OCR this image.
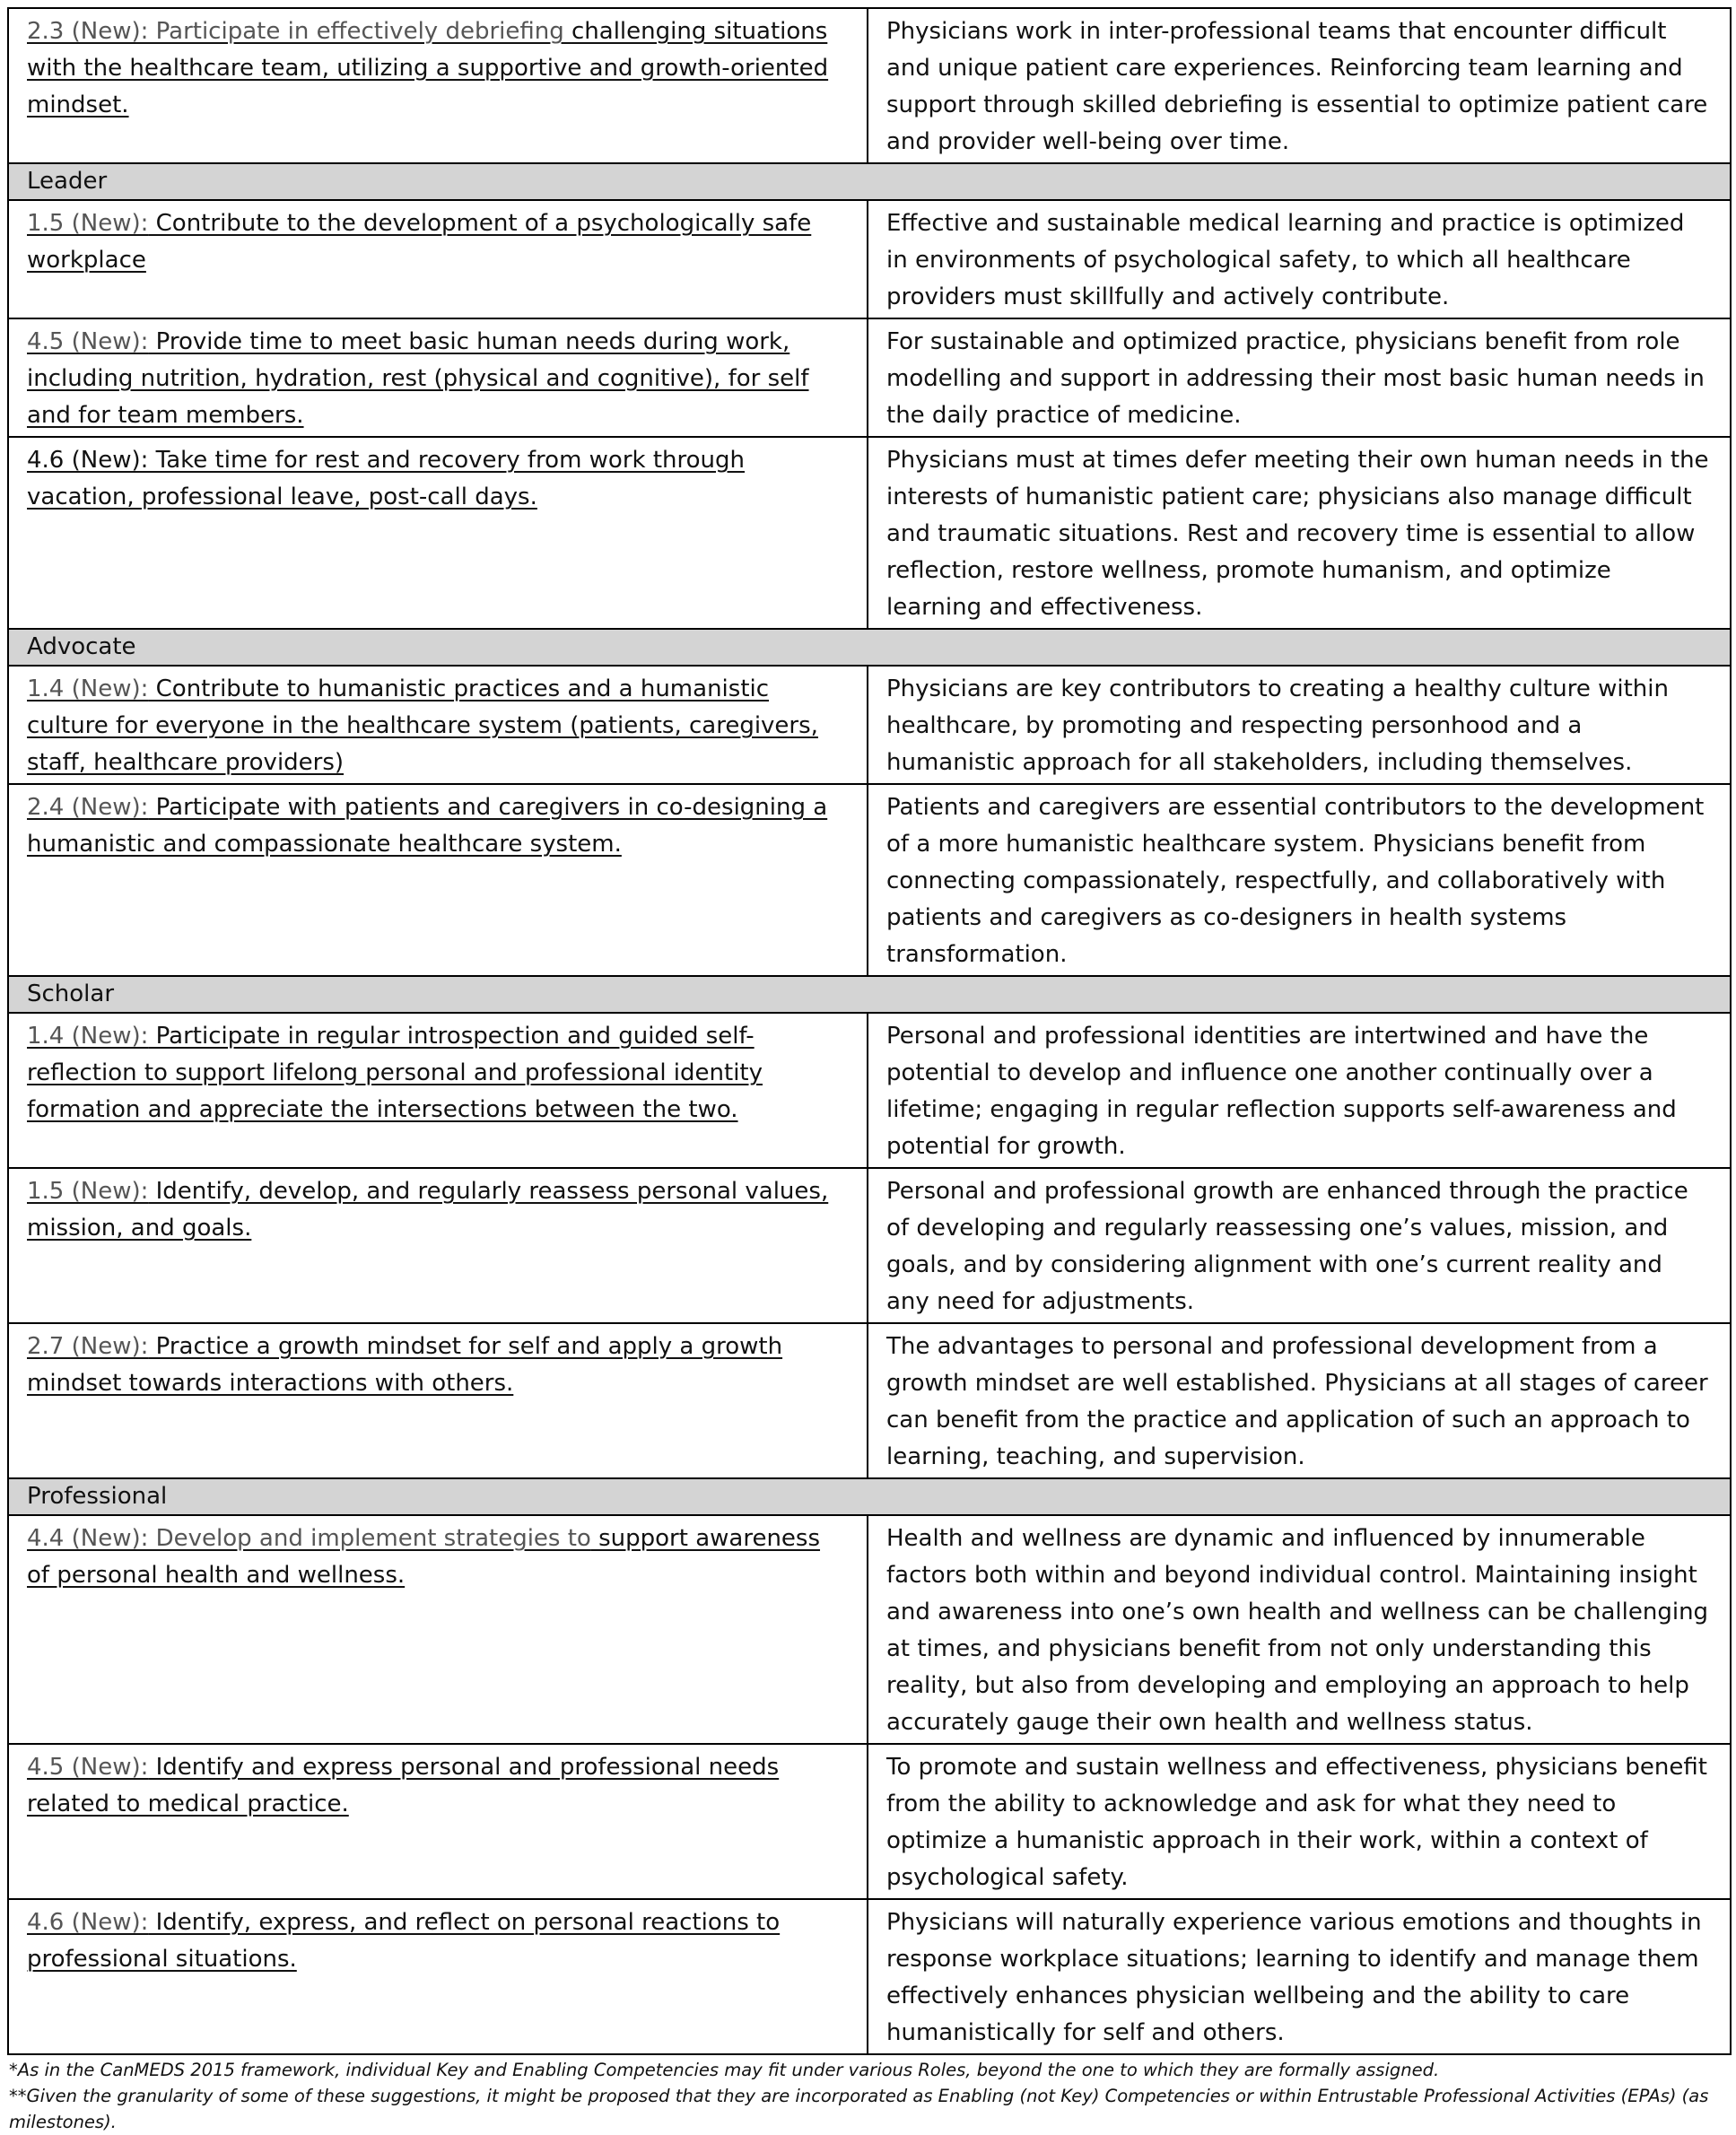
2.3 (New): Participate in effectively debriefing challenging situations with the healthcare team, utilizing a supportive and growth-oriented mindset.	Physicians work in inter-professional teams that encounter difficult and unique patient care experiences. Reinforcing team learning and support through skilled debriefing is essential to optimize patient care and provider well-being over time.
Leader	
1.5 (New): Contribute to the development of a psychologically safe workplace	Effective and sustainable medical learning and practice is optimized in environments of psychological safety, to which all healthcare providers must skillfully and actively contribute.
4.5 (New): Provide time to meet basic human needs during work, including nutrition, hydration, rest (physical and cognitive), for self and for team members.	For sustainable and optimized practice, physicians benefit from role modelling and support in addressing their most basic human needs in the daily practice of medicine.
4.6 (New): Take time for rest and recovery from work through vacation, professional leave, post-call days.	Physicians must at times defer meeting their own human needs in the interests of humanistic patient care; physicians also manage difficult and traumatic situations. Rest and recovery time is essential to allow reflection, restore wellness, promote humanism, and optimize learning and effectiveness.
Advocate	
1.4 (New): Contribute to humanistic practices and a humanistic culture for everyone in the healthcare system (patients, caregivers, staff, healthcare providers)	Physicians are key contributors to creating a healthy culture within healthcare, by promoting and respecting personhood and a humanistic approach for all stakeholders, including themselves.
2.4 (New): Participate with patients and caregivers in co-designing a humanistic and compassionate healthcare system.	Patients and caregivers are essential contributors to the development of a more humanistic healthcare system. Physicians benefit from connecting compassionately, respectfully, and collaboratively with patients and caregivers as co-designers in health systems transformation.
Scholar	
1.4 (New): Participate in regular introspection and guided self-reflection to support lifelong personal and professional identity formation and appreciate the intersections between the two.	Personal and professional identities are intertwined and have the potential to develop and influence one another continually over a lifetime; engaging in regular reflection supports self-awareness and potential for growth.
1.5 (New): Identify, develop, and regularly reassess personal values, mission, and goals.	Personal and professional growth are enhanced through the practice of developing and regularly reassessing one’s values, mission, and goals, and by considering alignment with one’s current reality and any need for adjustments.
2.7 (New): Practice a growth mindset for self and apply a growth mindset towards interactions with others.	The advantages to personal and professional development from a growth mindset are well established. Physicians at all stages of career can benefit from the practice and application of such an approach to learning, teaching, and supervision.
Professional	
4.4 (New): Develop and implement strategies to support awareness of personal health and wellness.	Health and wellness are dynamic and influenced by innumerable factors both within and beyond individual control. Maintaining insight and awareness into one’s own health and wellness can be challenging at times, and physicians benefit from not only understanding this reality, but also from developing and employing an approach to help accurately gauge their own health and wellness status.
4.5 (New): Identify and express personal and professional needs related to medical practice.	To promote and sustain wellness and effectiveness, physicians benefit from the ability to acknowledge and ask for what they need to optimize a humanistic approach in their work, within a context of psychological safety.
4.6 (New): Identify, express, and reflect on personal reactions to professional situations.	Physicians will naturally experience various emotions and thoughts in response workplace situations; learning to identify and manage them effectively enhances physician wellbeing and the ability to care humanistically for self and others.
*As in the CanMEDS 2015 framework, individual Key and Enabling Competencies may fit under various Roles, beyond the one to which they are formally assigned.
**Given the granularity of some of these suggestions, it might be proposed that they are incorporated as Enabling (not Key) Competencies or within Entrustable Professional Activities (EPAs) (as milestones).
